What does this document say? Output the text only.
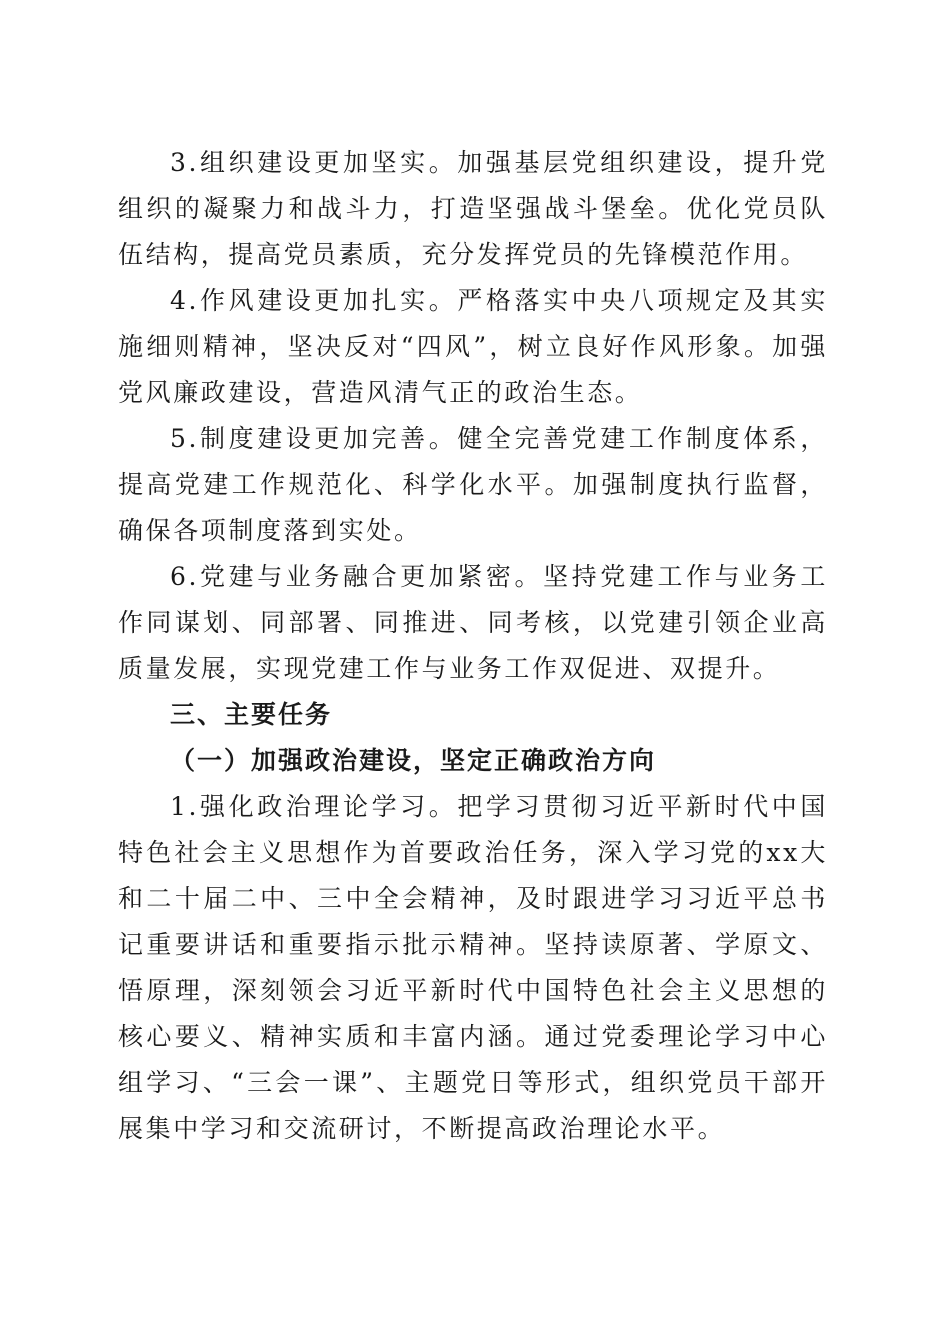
3.组织建设更加坚实。加强基层党组织建设，提升党组织的凝聚力和战斗力，打造坚强战斗堡垒。优化党员队伍结构，提高党员素质，充分发挥党员的先锋模范作用。

4.作风建设更加扎实。严格落实中央八项规定及其实施细则精神，坚决反对“四风”，树立良好作风形象。加强党风廉政建设，营造风清气正的政治生态。

5.制度建设更加完善。健全完善党建工作制度体系，提高党建工作规范化、科学化水平。加强制度执行监督，确保各项制度落到实处。

6.党建与业务融合更加紧密。坚持党建工作与业务工作同谋划、同部署、同推进、同考核，以党建引领企业高质量发展，实现党建工作与业务工作双促进、双提升。

三、主要任务

（一）加强政治建设，坚定正确政治方向

1.强化政治理论学习。把学习贯彻习近平新时代中国特色社会主义思想作为首要政治任务，深入学习党的xx大和二十届二中、三中全会精神，及时跟进学习习近平总书记重要讲话和重要指示批示精神。坚持读原著、学原文、悟原理，深刻领会习近平新时代中国特色社会主义思想的核心要义、精神实质和丰富内涵。通过党委理论学习中心组学习、“三会一课”、主题党日等形式，组织党员干部开展集中学习和交流研讨，不断提高政治理论水平。
